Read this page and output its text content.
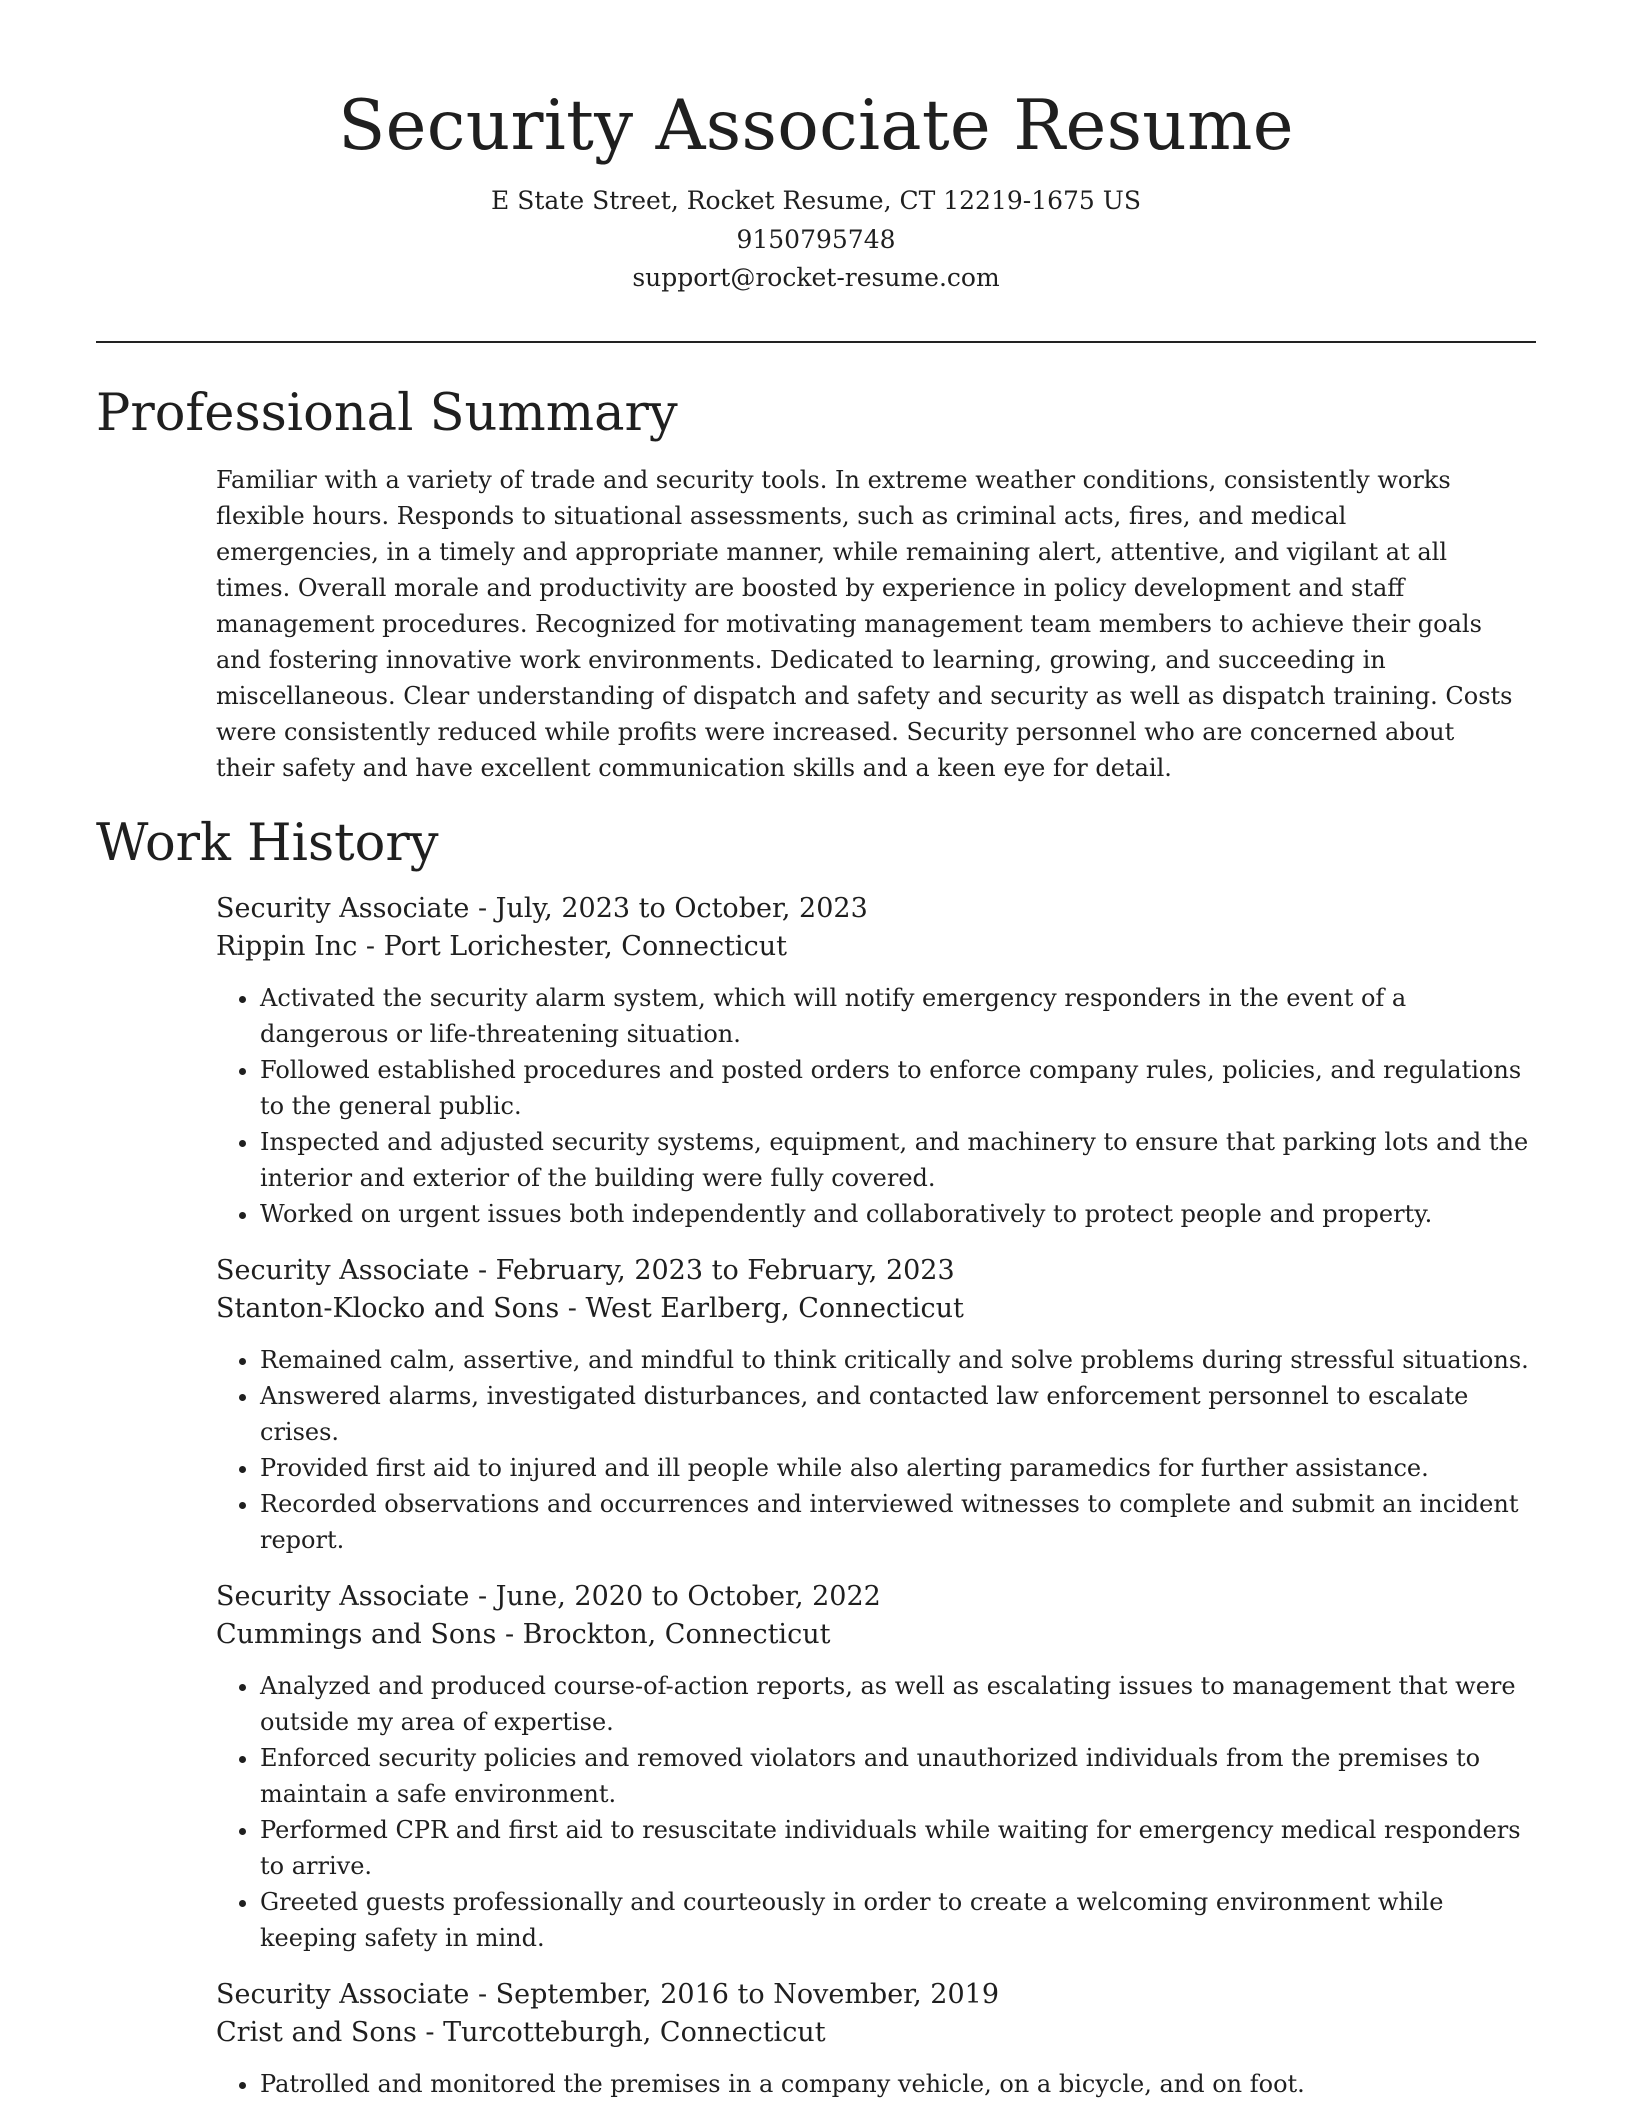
Security Associate Resume
E State Street, Rocket Resume, CT 12219-1675 US
9150795748
support@rocket-resume.com
Professional Summary

Familiar with a variety of trade and security tools. In extreme weather conditions, consistently works flexible hours. Responds to situational assessments, such as criminal acts, fires, and medical emergencies, in a timely and appropriate manner, while remaining alert, attentive, and vigilant at all times. Overall morale and productivity are boosted by experience in policy development and staff management procedures. Recognized for motivating management team members to achieve their goals and fostering innovative work environments. Dedicated to learning, growing, and succeeding in miscellaneous. Clear understanding of dispatch and safety and security as well as dispatch training. Costs were consistently reduced while profits were increased. Security personnel who are concerned about their safety and have excellent communication skills and a keen eye for detail.

Work History
Security Associate - July, 2023 to October, 2023
Rippin Inc - Port Lorichester, Connecticut
• Activated the security alarm system, which will notify emergency responders in the event of a dangerous or life-threatening situation.
• Followed established procedures and posted orders to enforce company rules, policies, and regulations to the general public.
• Inspected and adjusted security systems, equipment, and machinery to ensure that parking lots and the interior and exterior of the building were fully covered.
• Worked on urgent issues both independently and collaboratively to protect people and property.
Security Associate - February, 2023 to February, 2023
Stanton-Klocko and Sons - West Earlberg, Connecticut
• Remained calm, assertive, and mindful to think critically and solve problems during stressful situations.
• Answered alarms, investigated disturbances, and contacted law enforcement personnel to escalate crises.
• Provided first aid to injured and ill people while also alerting paramedics for further assistance.
• Recorded observations and occurrences and interviewed witnesses to complete and submit an incident report.
Security Associate - June, 2020 to October, 2022
Cummings and Sons - Brockton, Connecticut
• Analyzed and produced course-of-action reports, as well as escalating issues to management that were outside my area of expertise.
• Enforced security policies and removed violators and unauthorized individuals from the premises to maintain a safe environment.
• Performed CPR and first aid to resuscitate individuals while waiting for emergency medical responders to arrive.
• Greeted guests professionally and courteously in order to create a welcoming environment while keeping safety in mind.
Security Associate - September, 2016 to November, 2019
Crist and Sons - Turcotteburgh, Connecticut
• Patrolled and monitored the premises in a company vehicle, on a bicycle, and on foot.
